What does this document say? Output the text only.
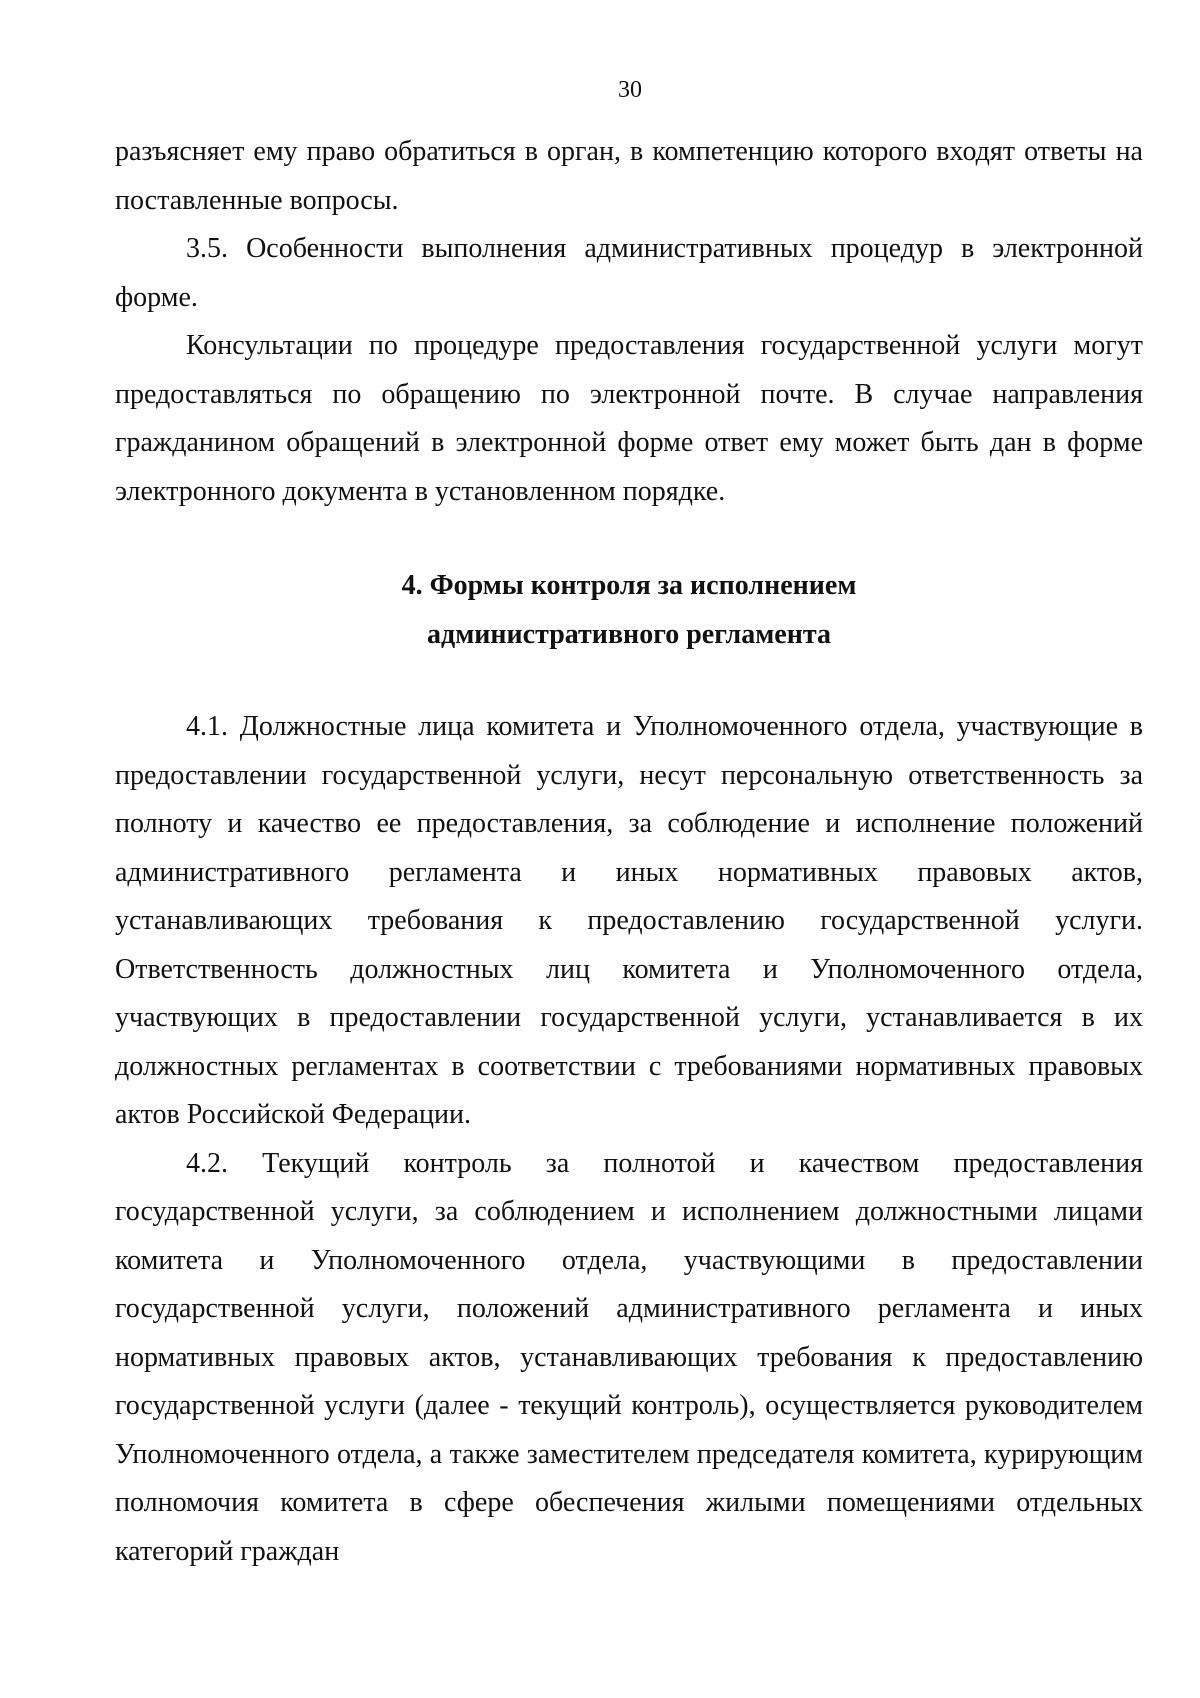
30

разъясняет ему право обратиться в орган, в компетенцию которого входят ответы на поставленные вопросы.

3.5. Особенности выполнения административных процедур в электронной форме.

Консультации по процедуре предоставления государственной услуги могут предоставляться по обращению по электронной почте. В случае направления гражданином обращений в электронной форме ответ ему может быть дан в форме электронного документа в установленном порядке.

4. Формы контроля за исполнением
административного регламента

4.1. Должностные лица комитета и Уполномоченного отдела, участвующие в предоставлении государственной услуги, несут персональную ответственность за полноту и качество ее предоставления, за соблюдение и исполнение положений административного регламента и иных нормативных правовых актов, устанавливающих требования к предоставлению государственной услуги. Ответственность должностных лиц комитета и Уполномоченного отдела, участвующих в предоставлении государственной услуги, устанавливается в их должностных регламентах в соответствии с требованиями нормативных правовых актов Российской Федерации.

4.2. Текущий контроль за полнотой и качеством предоставления государственной услуги, за соблюдением и исполнением должностными лицами комитета и Уполномоченного отдела, участвующими в предоставлении государственной услуги, положений административного регламента и иных нормативных правовых актов, устанавливающих требования к предоставлению государственной услуги (далее - текущий контроль), осуществляется руководителем Уполномоченного отдела, а также заместителем председателя комитета, курирующим полномочия комитета в сфере обеспечения жилыми помещениями отдельных категорий граждан
